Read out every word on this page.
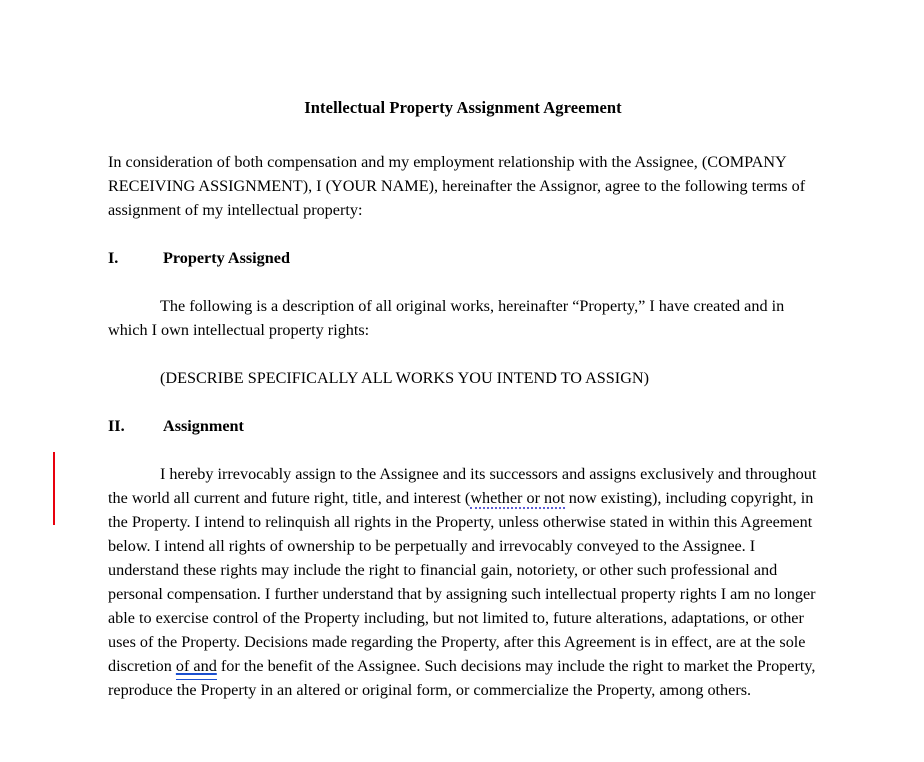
Intellectual Property Assignment Agreement
In consideration of both compensation and my employment relationship with the Assignee, (COMPANY RECEIVING ASSIGNMENT), I (YOUR NAME), hereinafter the Assignor, agree to the following terms of assignment of my intellectual property:
I.	Property Assigned
The following is a description of all original works, hereinafter “Property,” I have created and in which I own intellectual property rights:
(DESCRIBE SPECIFICALLY ALL WORKS YOU INTEND TO ASSIGN)
II.	Assignment
I hereby irrevocably assign to the Assignee and its successors and assigns exclusively and throughout the world all current and future right, title, and interest (whether or not now existing), including copyright, in the Property. I intend to relinquish all rights in the Property, unless otherwise stated in within this Agreement below. I intend all rights of ownership to be perpetually and irrevocably conveyed to the Assignee. I understand these rights may include the right to financial gain, notoriety, or other such professional and personal compensation. I further understand that by assigning such intellectual property rights I am no longer able to exercise control of the Property including, but not limited to, future alterations, adaptations, or other uses of the Property. Decisions made regarding the Property, after this Agreement is in effect, are at the sole discretion of and for the benefit of the Assignee. Such decisions may include the right to market the Property, reproduce the Property in an altered or original form, or commercialize the Property, among others.
